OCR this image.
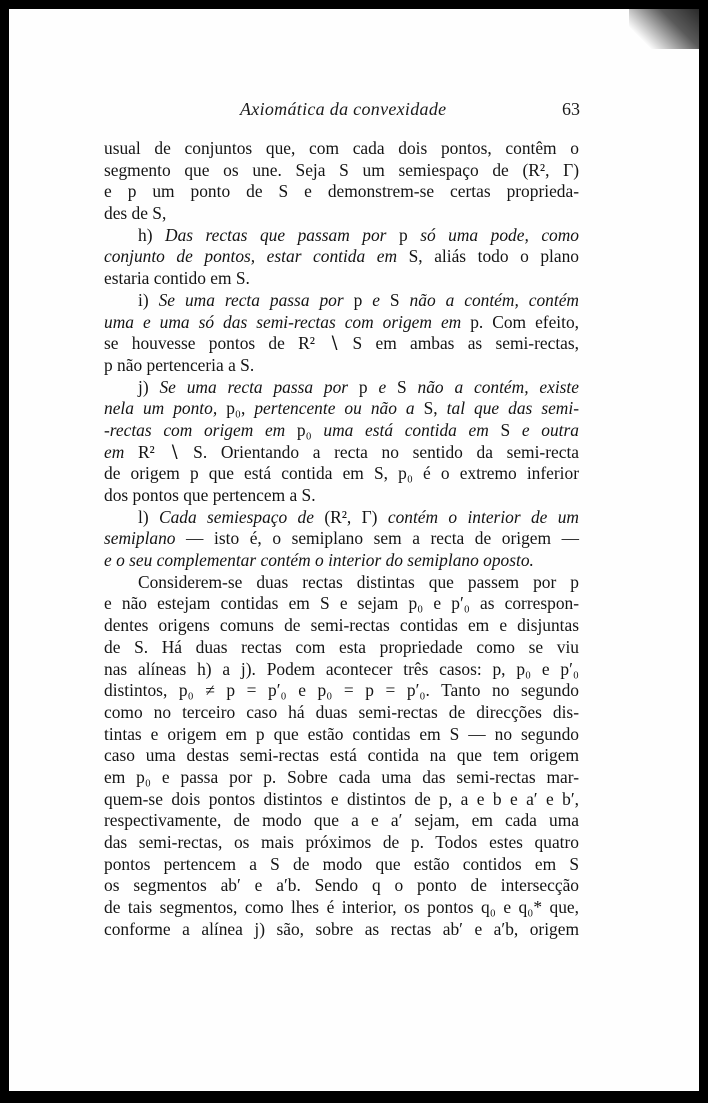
Axiomática da convexidade	63
usual de conjuntos que, com cada dois pontos, contêm o
segmento que os une. Seja S um semiespaço de (R², Γ)
e p um ponto de S e demonstrem-se certas proprieda-
des de S,
h) Das rectas que passam por p só uma pode, como
conjunto de pontos, estar contida em S, aliás todo o plano
estaria contido em S.
i) Se uma recta passa por p e S não a contém, contém
uma e uma só das semi-rectas com origem em p. Com efeito,
se houvesse pontos de R² ∖ S em ambas as semi-rectas,
p não pertenceria a S.
j) Se uma recta passa por p e S não a contém, existe
nela um ponto, p₀, pertencente ou não a S, tal que das semi-
-rectas com origem em p₀ uma está contida em S e outra
em R² ∖ S. Orientando a recta no sentido da semi-recta
de origem p que está contida em S, p₀ é o extremo inferior
dos pontos que pertencem a S.
l) Cada semiespaço de (R², Γ) contém o interior de um
semiplano — isto é, o semiplano sem a recta de origem —
e o seu complementar contém o interior do semiplano oposto.
Considerem-se duas rectas distintas que passem por p
e não estejam contidas em S e sejam p₀ e p′₀ as correspon-
dentes origens comuns de semi-rectas contidas em e disjuntas
de S. Há duas rectas com esta propriedade como se viu
nas alíneas h) a j). Podem acontecer três casos: p, p₀ e p′₀
distintos, p₀ ≠ p = p′₀ e p₀ = p = p′₀. Tanto no segundo
como no terceiro caso há duas semi-rectas de direcções dis-
tintas e origem em p que estão contidas em S — no segundo
caso uma destas semi-rectas está contida na que tem origem
em p₀ e passa por p. Sobre cada uma das semi-rectas mar-
quem-se dois pontos distintos e distintos de p, a e b e a′ e b′,
respectivamente, de modo que a e a′ sejam, em cada uma
das semi-rectas, os mais próximos de p. Todos estes quatro
pontos pertencem a S de modo que estão contidos em S
os segmentos ab′ e a′b. Sendo q o ponto de intersecção
de tais segmentos, como lhes é interior, os pontos q₀ e q₀* que,
conforme a alínea j) são, sobre as rectas ab′ e a′b, origem
